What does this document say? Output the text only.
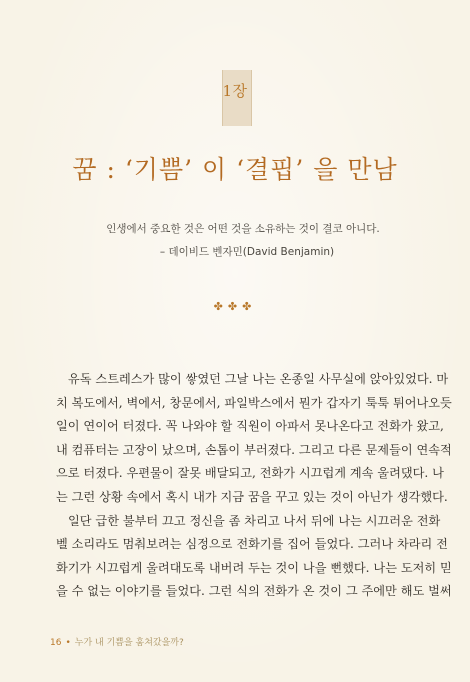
1장
꿈 : ‘기쁨’ 이 ‘결핍’ 을 만남
인생에서 중요한 것은 어떤 것을 소유하는 것이 결코 아니다.
– 데이비드 벤자민(David Benjamin)
✤✤✤
유독 스트레스가 많이 쌓였던 그날 나는 온종일 사무실에 앉아있었다. 마
치 복도에서, 벽에서, 창문에서, 파일박스에서 뭔가 갑자기 툭툭 튀어나오듯
일이 연이어 터졌다. 꼭 나와야 할 직원이 아파서 못나온다고 전화가 왔고,
내 컴퓨터는 고장이 났으며, 손톱이 부러졌다. 그리고 다른 문제들이 연속적
으로 터졌다. 우편물이 잘못 배달되고, 전화가 시끄럽게 계속 울려댔다. 나
는 그런 상황 속에서 혹시 내가 지금 꿈을 꾸고 있는 것이 아닌가 생각했다.
일단 급한 불부터 끄고 정신을 좀 차리고 나서 뒤에 나는 시끄러운 전화
벨 소리라도 멈춰보려는 심정으로 전화기를 집어 들었다. 그러나 차라리 전
화기가 시끄럽게 울려대도록 내버려 두는 것이 나을 뻔했다. 나는 도저히 믿
을 수 없는 이야기를 들었다. 그런 식의 전화가 온 것이 그 주에만 해도 벌써
16 • 누가 내 기쁨을 훔쳐갔을까?
